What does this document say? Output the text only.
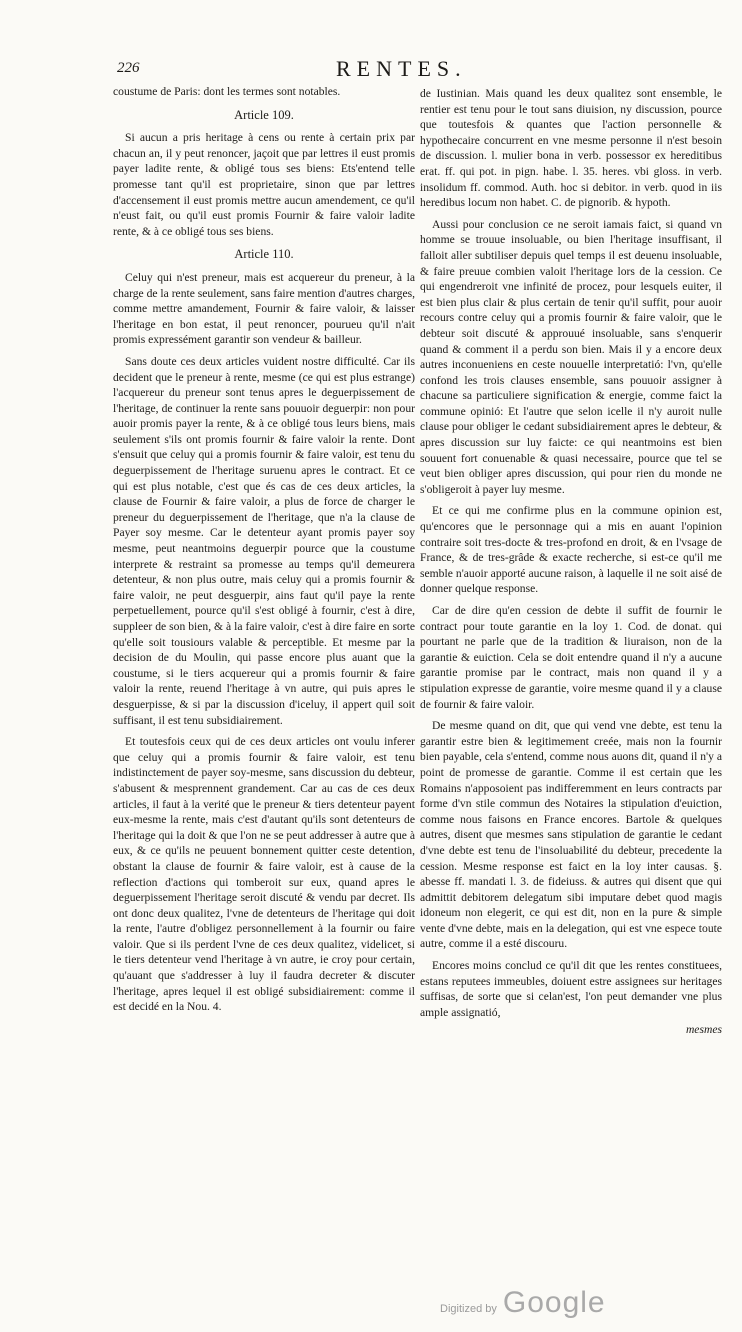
226	RENTES.

coustume de Paris: dont les termes sont notables.

Article 109.

Si aucun a pris heritage à cens ou rente à certain prix par chacun an, il y peut renoncer, jaçoit que par lettres il eust promis payer ladite rente, & obligé tous ses biens: Ets'entend telle promesse tant qu'il est proprietaire, sinon que par lettres d'accensement il eust promis mettre aucun amendement, ce qu'il n'eust fait, ou qu'il eust promis Fournir & faire valoir ladite rente, & à ce obligé tous ses biens.

Article 110.

Celuy qui n'est preneur, mais est acquereur du preneur, à la charge de la rente seulement, sans faire mention d'autres charges, comme mettre amandement, Fournir & faire valoir, & laisser l'heritage en bon estat, il peut renoncer, pourueu qu'il n'ait promis expressément garantir son vendeur & bailleur.

Sans doute ces deux articles vuident nostre difficulté. Car ils decident que le preneur à rente, mesme (ce qui est plus estrange) l'acquereur du preneur sont tenus apres le deguerpissement de l'heritage, de continuer la rente sans pouuoir deguerpir: non pour auoir promis payer la rente, & à ce obligé tous leurs biens, mais seulement s'ils ont promis fournir & faire valoir la rente. Dont s'ensuit que celuy qui a promis fournir & faire valoir, est tenu du deguerpissement de l'heritage suruenu apres le contract. Et ce qui est plus notable, c'est que és cas de ces deux articles, la clause de Fournir & faire valoir, a plus de force de charger le preneur du deguerpissement de l'heritage, que n'a la clause de Payer soy mesme. Car le detenteur ayant promis payer soy mesme, peut neantmoins deguerpir pource que la coustume interprete & restraint sa promesse au temps qu'il demeurera detenteur, & non plus outre, mais celuy qui a promis fournir & faire valoir, ne peut desguerpir, ains faut qu'il paye la rente perpetuellement, pource qu'il s'est obligé à fournir, c'est à dire, suppleer de son bien, & à la faire valoir, c'est à dire faire en sorte qu'elle soit tousiours valable & perceptible. Et mesme par la decision de du Moulin, qui passe encore plus auant que la coustume, si le tiers acquereur qui a promis fournir & faire valoir la rente, reuend l'heritage à vn autre, qui puis apres le desguerpisse, & si par la discussion d'iceluy, il appert quil soit suffisant, il est tenu subsidiairement.

Et toutesfois ceux qui de ces deux articles ont voulu inferer que celuy qui a promis fournir & faire valoir, est tenu indistinctement de payer soy-mesme, sans discussion du debteur, s'abusent & mesprennent grandement. Car au cas de ces deux articles, il faut à la verité que le preneur & tiers detenteur payent eux-mesme la rente, mais c'est d'autant qu'ils sont detenteurs de l'heritage qui la doit & que l'on ne se peut addresser à autre que à eux, & ce qu'ils ne peuuent bonnement quitter ceste detention, obstant la clause de fournir & faire valoir, est à cause de la reflection d'actions qui tomberoit sur eux, quand apres le deguerpissement l'heritage seroit discuté & vendu par decret. Ils ont donc deux qualitez, l'vne de detenteurs de l'heritage qui doit la rente, l'autre d'obligez personnellement à la fournir ou faire valoir. Que si ils perdent l'vne de ces deux qualitez, videlicet, si le tiers detenteur vend l'heritage à vn autre, ie croy pour certain, qu'auant que s'addresser à luy il faudra decreter & discuter l'heritage, apres lequel il est obligé subsidiairement: comme il est decidé en la Nou. 4.

de Iustinian. Mais quand les deux qualitez sont ensemble, le rentier est tenu pour le tout sans diuision, ny discussion, pource que toutesfois & quantes que l'action personnelle & hypothecaire concurrent en vne mesme personne il n'est besoin de discussion. l. mulier bona in verb. possessor ex hereditibus erat. ff. qui pot. in pign. habe. l. 35. heres. vbi gloss. in verb. insolidum ff. commod. Auth. hoc si debitor. in verb. quod in iis heredibus locum non habet. C. de pignorib. & hypoth.

Aussi pour conclusion ce ne seroit iamais faict, si quand vn homme se trouue insoluable, ou bien l'heritage insuffisant, il falloit aller subtiliser depuis quel temps il est deuenu insoluable, & faire preuue combien valoit l'heritage lors de la cession. Ce qui engendreroit vne infinité de procez, pour lesquels euiter, il est bien plus clair & plus certain de tenir qu'il suffit, pour auoir recours contre celuy qui a promis fournir & faire valoir, que le debteur soit discuté & approuué insoluable, sans s'enquerir quand & comment il a perdu son bien. Mais il y a encore deux autres inconueniens en ceste nouuelle interpretatió: l'vn, qu'elle confond les trois clauses ensemble, sans pouuoir assigner à chacune sa particuliere signification & energie, comme faict la commune opinió: Et l'autre que selon icelle il n'y auroit nulle clause pour obliger le cedant subsidiairement apres le debteur, & apres discussion sur luy faicte: ce qui neantmoins est bien souuent fort conuenable & quasi necessaire, pource que tel se veut bien obliger apres discussion, qui pour rien du monde ne s'obligeroit à payer luy mesme.

Et ce qui me confirme plus en la commune opinion est, qu'encores que le personnage qui a mis en auant l'opinion contraire soit tres-docte & tres-profond en droit, & en l'vsage de France, & de tres-grâde & exacte recherche, si est-ce qu'il me semble n'auoir apporté aucune raison, à laquelle il ne soit aisé de donner quelque response.

Car de dire qu'en cession de debte il suffit de fournir le contract pour toute garantie en la loy 1. Cod. de donat. qui pourtant ne parle que de la tradition & liuraison, non de la garantie & euiction. Cela se doit entendre quand il n'y a aucune garantie promise par le contract, mais non quand il y a stipulation expresse de garantie, voire mesme quand il y a clause de fournir & faire valoir.

De mesme quand on dit, que qui vend vne debte, est tenu la garantir estre bien & legitimement creée, mais non la fournir bien payable, cela s'entend, comme nous auons dit, quand il n'y a point de promesse de garantie. Comme il est certain que les Romains n'apposoient pas indifferemment en leurs contracts par forme d'vn stile commun des Notaires la stipulation d'euiction, comme nous faisons en France encores. Bartole & quelques autres, disent que mesmes sans stipulation de garantie le cedant d'vne debte est tenu de l'insoluabilité du debteur, precedente la cession. Mesme response est faict en la loy inter causas. §. abesse ff. mandati l. 3. de fideiuss. & autres qui disent que qui admittit debitorem delegatum sibi imputare debet quod magis idoneum non elegerit, ce qui est dit, non en la pure & simple vente d'vne debte, mais en la delegation, qui est vne espece toute autre, comme il a esté discouru.

Encores moins conclud ce qu'il dit que les rentes constituees, estans reputees immeubles, doiuent estre assignees sur heritages suffisas, de sorte que si celan'est, l'on peut demander vne plus ample assignatió,

mesmes
Digitized by Google
